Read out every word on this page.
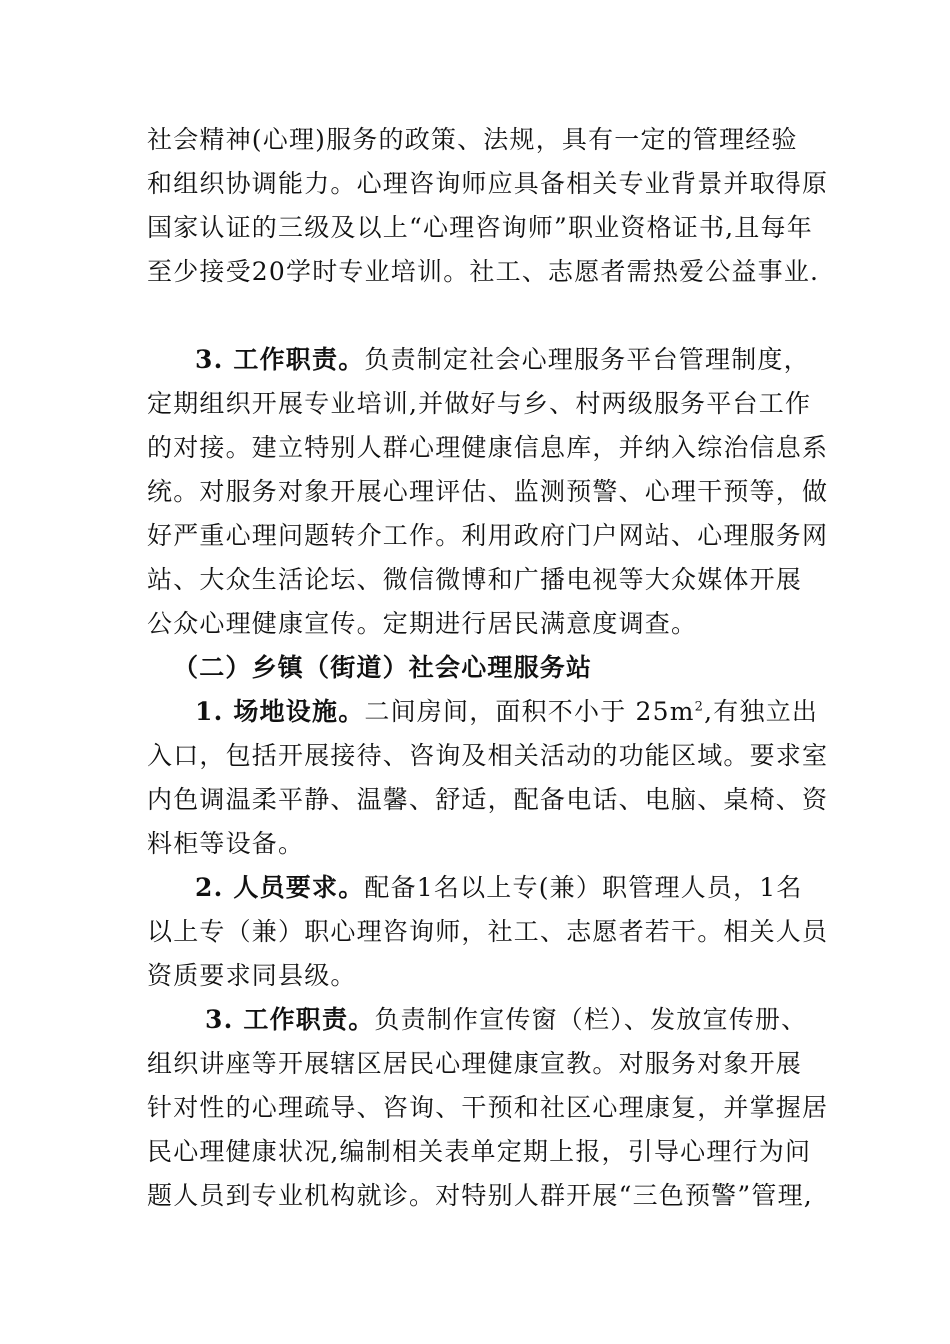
社会精神(心理)服务的政策、法规，具有一定的管理经验
和组织协调能力。心理咨询师应具备相关专业背景并取得原
国家认证的三级及以上“心理咨询师”职业资格证书,且每年
至少接受20学时专业培训。社工、志愿者需热爱公益事业.
3. 工作职责。负责制定社会心理服务平台管理制度，
定期组织开展专业培训,并做好与乡、村两级服务平台工作
的对接。建立特别人群心理健康信息库，并纳入综治信息系
统。对服务对象开展心理评估、监测预警、心理干预等，做
好严重心理问题转介工作。利用政府门户网站、心理服务网
站、大众生活论坛、微信微博和广播电视等大众媒体开展
公众心理健康宣传。定期进行居民满意度调查。
（二）乡镇（街道）社会心理服务站
1. 场地设施。二间房间，面积不小于 $25m^2$,有独立出
入口，包括开展接待、咨询及相关活动的功能区域。要求室
内色调温柔平静、温馨、舒适，配备电话、电脑、桌椅、资
料柜等设备。
2. 人员要求。配备1名以上专(兼）职管理人员，1名
以上专（兼）职心理咨询师，社工、志愿者若干。相关人员
资质要求同县级。
3. 工作职责。负责制作宣传窗（栏）、发放宣传册、
组织讲座等开展辖区居民心理健康宣教。对服务对象开展
针对性的心理疏导、咨询、干预和社区心理康复，并掌握居
民心理健康状况,编制相关表单定期上报，引导心理行为问
题人员到专业机构就诊。对特别人群开展“三色预警”管理,
